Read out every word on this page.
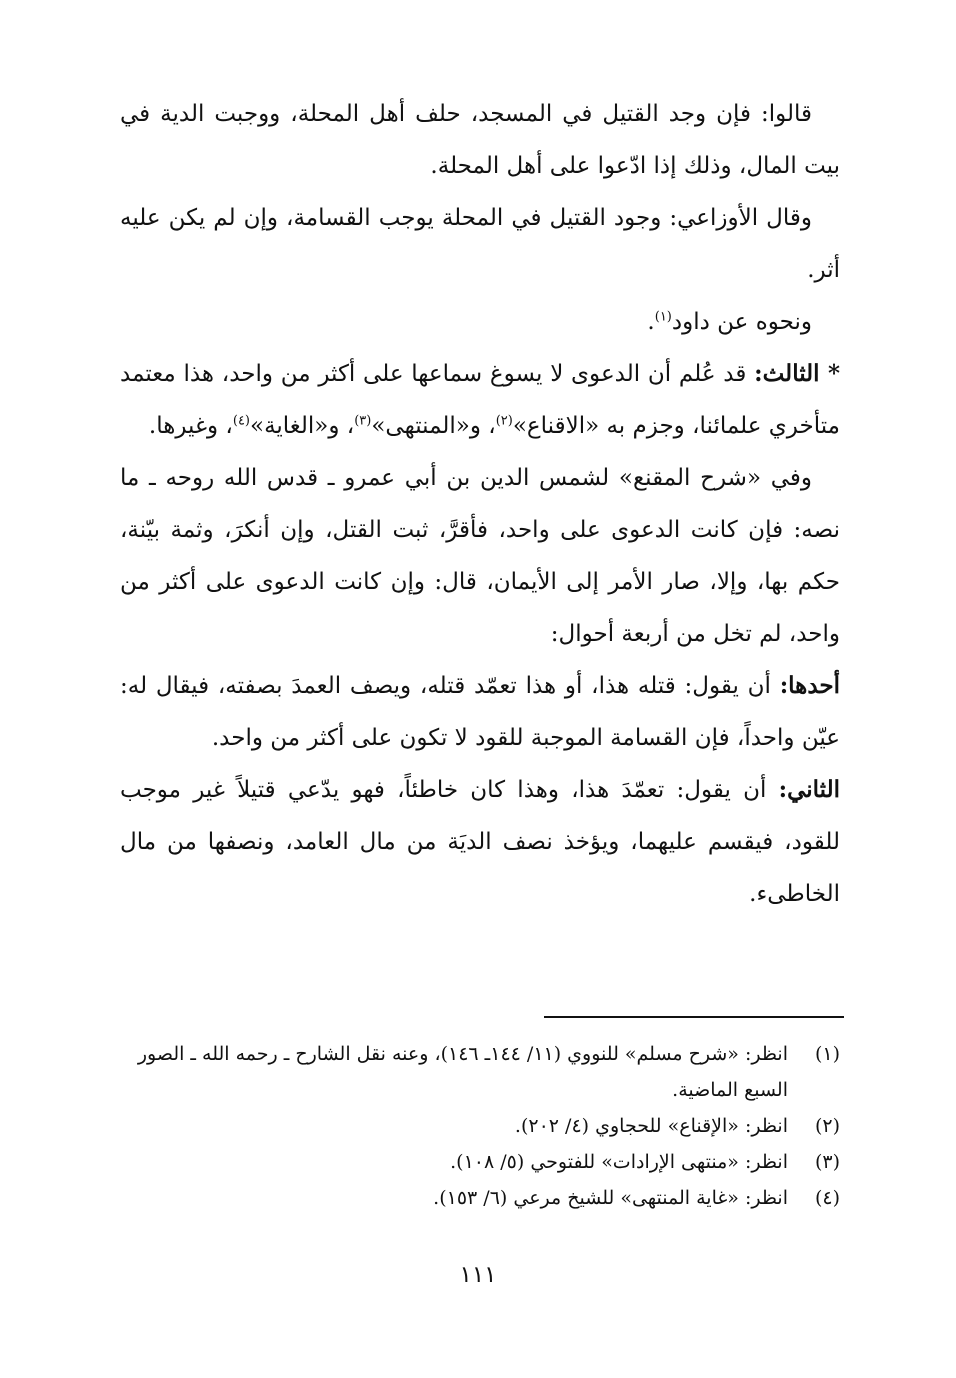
قالوا: فإن وجد القتيل في المسجد، حلف أهل المحلة، ووجبت الدية في بيت المال، وذلك إذا ادّعوا على أهل المحلة.

وقال الأوزاعي: وجود القتيل في المحلة يوجب القسامة، وإن لم يكن عليه أثر.

ونحوه عن داود$^{(١)}$.

* الثالث: قد عُلم أن الدعوى لا يسوغ سماعها على أكثر من واحد، هذا معتمد متأخري علمائنا، وجزم به «الاقناع»$^{(٢)}$، و«المنتهى»$^{(٣)}$، و«الغاية»$^{(٤)}$، وغيرها.

وفي «شرح المقنع» لشمس الدين بن أبي عمرو ـ قدس الله روحه ـ ما نصه: فإن كانت الدعوى على واحد، فأقرَّ، ثبت القتل، وإن أنكرَ، وثمة بيّنة، حكم بها، وإلا، صار الأمر إلى الأيمان، قال: وإن كانت الدعوى على أكثر من واحد، لم تخل من أربعة أحوال:

أحدها: أن يقول: قتله هذا، أو هذا تعمّد قتله، ويصف العمدَ بصفته، فيقال له: عيّن واحداً، فإن القسامة الموجبة للقود لا تكون على أكثر من واحد.

الثاني: أن يقول: تعمّدَ هذا، وهذا كان خاطئاً، فهو يدّعي قتيلاً غير موجب للقود، فيقسم عليهما، ويؤخذ نصف الديَة من مال العامد، ونصفها من مال الخاطىء.

(١)
انظر: «شرح مسلم» للنووي (١١/ ١٤٤ـ ١٤٦)، وعنه نقل الشارح ـ رحمه الله ـ الصور السبع الماضية.
(٢)
انظر: «الإقناع» للحجاوي (٤/ ٢٠٢).
(٣)
انظر: «منتهى الإرادات» للفتوحي (٥/ ١٠٨).
(٤)
انظر: «غاية المنتهى» للشيخ مرعي (٦/ ١٥٣).
١١١
